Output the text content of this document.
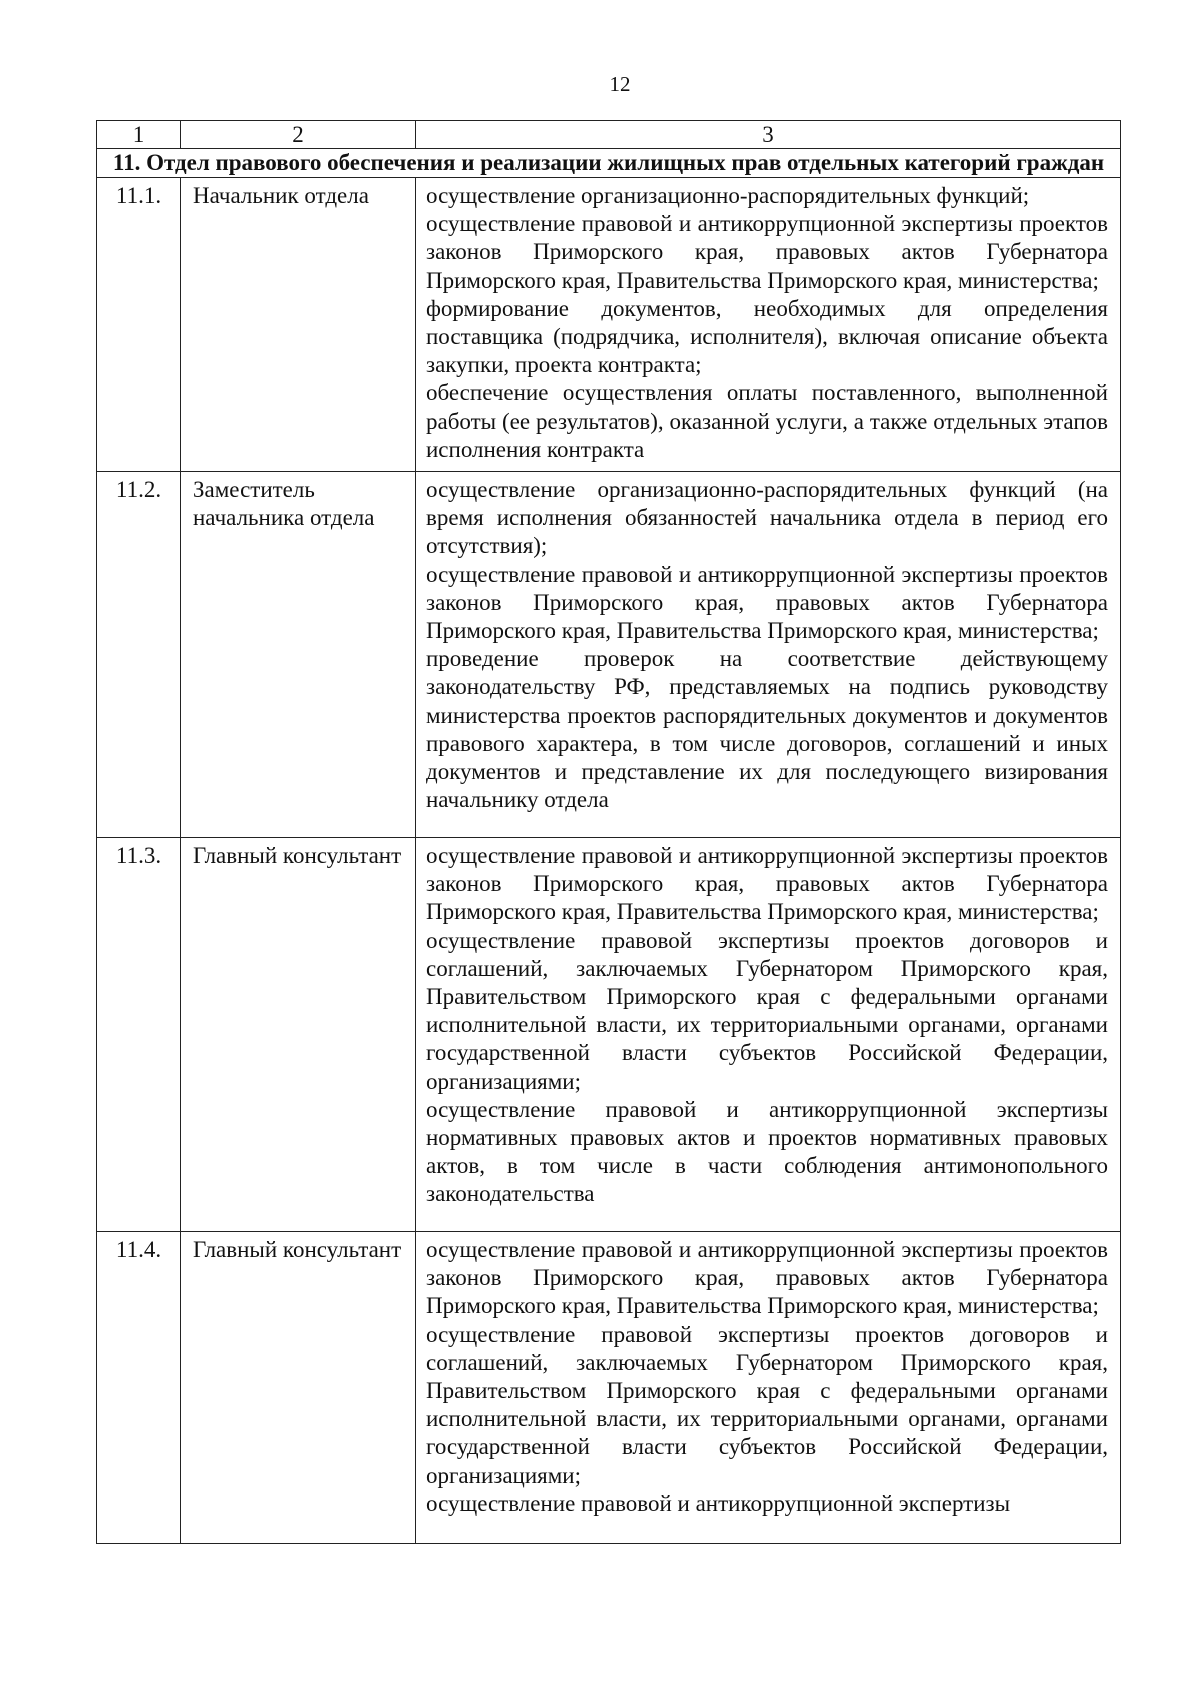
12
1	2	3
11. Отдел правового обеспечения и реализации жилищных прав отдельных категорий граждан		
11.1.	Начальник отдела	осуществление организационно-распорядительных функций;
осуществление правовой и антикоррупционной экспертизы проектов законов Приморского края, правовых актов Губернатора Приморского края, Правительства Приморского края, министерства;
формирование документов, необходимых для определения поставщика (подрядчика, исполнителя), включая описание объекта закупки, проекта контракта;
обеспечение осуществления оплаты поставленного, выполненной работы (ее результатов), оказанной услуги, а также отдельных этапов исполнения контракта

11.2.	Заместитель начальника отдела	осуществление организационно-распорядительных функций (на время исполнения обязанностей начальника отдела в период его отсутствия);
осуществление правовой и антикоррупционной экспертизы проектов законов Приморского края, правовых актов Губернатора Приморского края, Правительства Приморского края, министерства;
проведение проверок на соответствие действующему законодательству РФ, представляемых на подпись руководству министерства проектов распорядительных документов и документов правового характера, в том числе договоров, соглашений и иных документов и представление их для последующего визирования начальнику отдела

11.3.	Главный консультант	осуществление правовой и антикоррупционной экспертизы проектов законов Приморского края, правовых актов Губернатора Приморского края, Правительства Приморского края, министерства;
осуществление правовой экспертизы проектов договоров и соглашений, заключаемых Губернатором Приморского края, Правительством Приморского края с федеральными органами исполнительной власти, их территориальными органами, органами государственной власти субъектов Российской Федерации, организациями;
осуществление правовой и антикоррупционной экспертизы нормативных правовых актов и проектов нормативных правовых актов, в том числе в части соблюдения антимонопольного законодательства

11.4.	Главный консультант	осуществление правовой и антикоррупционной экспертизы проектов законов Приморского края, правовых актов Губернатора Приморского края, Правительства Приморского края, министерства;
осуществление правовой экспертизы проектов договоров и соглашений, заключаемых Губернатором Приморского края, Правительством Приморского края с федеральными органами исполнительной власти, их территориальными органами, органами государственной власти субъектов Российской Федерации, организациями;
осуществление правовой и антикоррупционной экспертизы
